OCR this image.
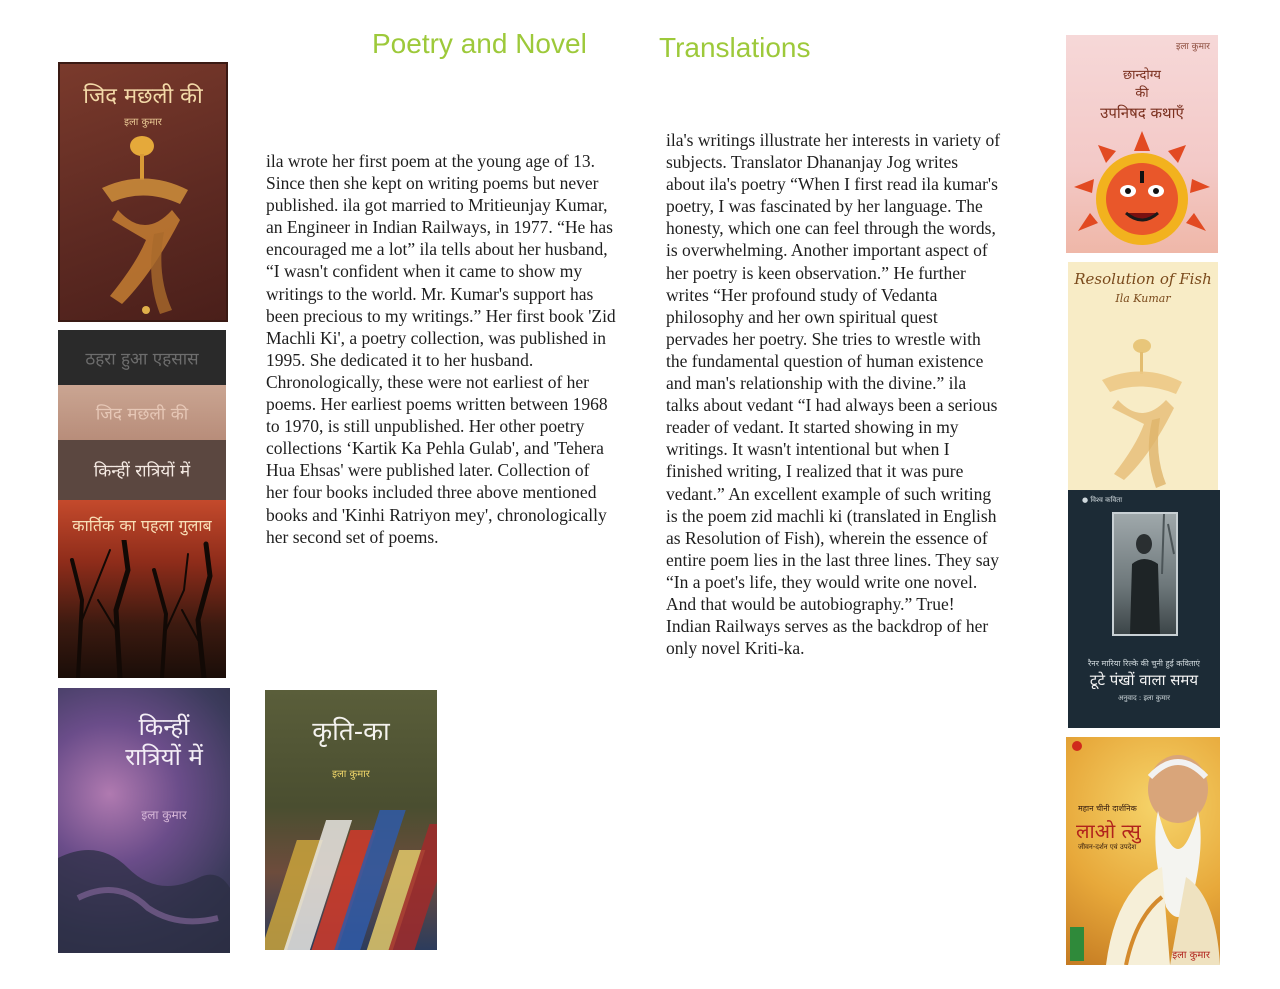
Poetry and Novel	Translations

ila wrote her first poem at the young age of 13. Since then she kept on writing poems but never published. ila got married to Mritieunjay Kumar, an Engineer in Indian Railways, in 1977. “He has encouraged me a lot” ila tells about her husband, “I wasn't confident when it came to show my writings to the world. Mr. Kumar's support has been precious to my writings.” Her first book 'Zid Machli Ki', a poetry collection, was published in 1995. She dedicated it to her husband. Chronologically, these were not earliest of her poems. Her earliest poems written between 1968 to 1970, is still unpublished. Her other poetry collections ‘Kartik Ka Pehla Gulab', and 'Tehera Hua Ehsas' were published later. Collection of her four books included three above mentioned books and 'Kinhi Ratriyon mey', chronologically her second set of poems.

ila's writings illustrate her interests in variety of subjects. Translator Dhananjay Jog writes about ila's poetry “When I first read ila kumar's poetry, I was fascinated by her language. The honesty, which one can feel through the words, is overwhelming. Another important aspect of her poetry is keen observation.” He further writes “Her profound study of Vedanta philosophy and her own spiritual quest pervades her poetry. She tries to wrestle with the fundamental question of human existence and man's relationship with the divine.” ila talks about vedant “I had always been a serious reader of vedant. It started showing in my writings. It wasn't intentional but when I finished writing, I realized that it was pure vedant.” An excellent example of such writing is the poem zid machli ki (translated in English as Resolution of Fish), wherein the essence of entire poem lies in the last three lines. They say “In a poet's life, they would write one novel. And that would be autobiography.” True! Indian Railways serves as the backdrop of her only novel Kriti-ka.

जिद मछली की
इला कुमार
ठहरा हुआ एहसास
जिद मछली की
किन्हीं रात्रियों में
कार्तिक का पहला गुलाब
किन्हीं
रात्रियों में
इला कुमार
कृति-का
इला कुमार
इला कुमार
छान्दोग्य
की
उपनिषद कथाएँ
Resolution of Fish
Ila Kumar
● विश्व कविता
रैनर मारिया रिल्के की चुनी हुई कविताएं
टूटे पंखों वाला समय
अनुवाद : इला कुमार
महान चीनी दार्शनिक
लाओ त्सु
जीवन-दर्शन एवं उपदेश
इला कुमार
